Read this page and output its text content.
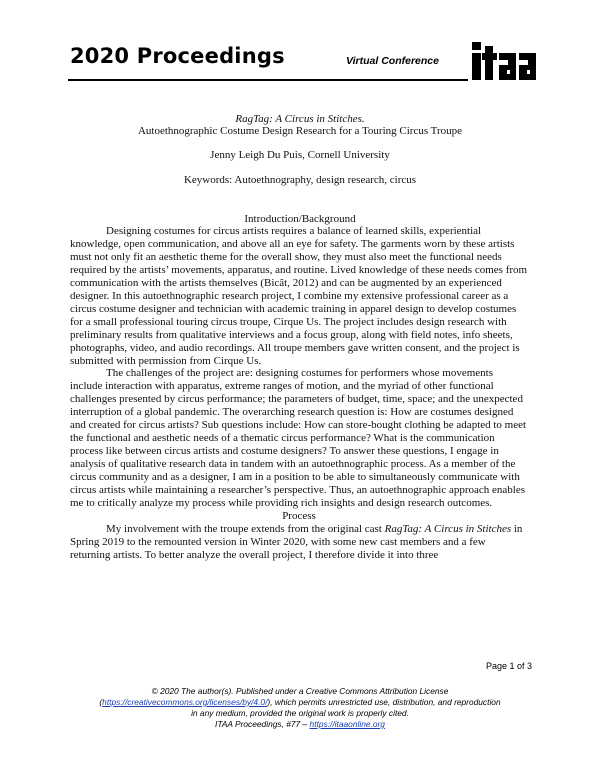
2020 Proceedings	Virtual Conference
RagTag: A Circus in Stitches.
Autoethnographic Costume Design Research for a Touring Circus Troupe
Jenny Leigh Du Puis, Cornell University
Keywords: Autoethnography, design research, circus
Introduction/Background

Designing costumes for circus artists requires a balance of learned skills, experiential knowledge, open communication, and above all an eye for safety. The garments worn by these artists must not only fit an aesthetic theme for the overall show, they must also meet the functional needs required by the artists’ movements, apparatus, and routine. Lived knowledge of these needs comes from communication with the artists themselves (Bicât, 2012) and can be augmented by an experienced designer. In this autoethnographic research project, I combine my extensive professional career as a circus costume designer and technician with academic training in apparel design to develop costumes for a small professional touring circus troupe, Cirque Us. The project includes design research with preliminary results from qualitative interviews and a focus group, along with field notes, info sheets, photographs, video, and audio recordings. All troupe members gave written consent, and the project is submitted with permission from Cirque Us.

The challenges of the project are: designing costumes for performers whose movements include interaction with apparatus, extreme ranges of motion, and the myriad of other functional challenges presented by circus performance; the parameters of budget, time, space; and the unexpected interruption of a global pandemic. The overarching research question is: How are costumes designed and created for circus artists? Sub questions include: How can store-bought clothing be adapted to meet the functional and aesthetic needs of a thematic circus performance? What is the communication process like between circus artists and costume designers? To answer these questions, I engage in analysis of qualitative research data in tandem with an autoethnographic process. As a member of the circus community and as a designer, I am in a position to be able to simultaneously communicate with circus artists while maintaining a researcher’s perspective. Thus, an autoethnographic approach enables me to critically analyze my process while providing rich insights and design research outcomes.

Process

My involvement with the troupe extends from the original cast RagTag: A Circus in Stitches in Spring 2019 to the remounted version in Winter 2020, with some new cast members and a few returning artists. To better analyze the overall project, I therefore divide it into three

Page 1 of 3
© 2020 The author(s). Published under a Creative Commons Attribution License
(https://creativecommons.org/licenses/by/4.0/), which permits unrestricted use, distribution, and reproduction
in any medium, provided the original work is properly cited.
ITAA Proceedings, #77 – https://itaaonline.org
